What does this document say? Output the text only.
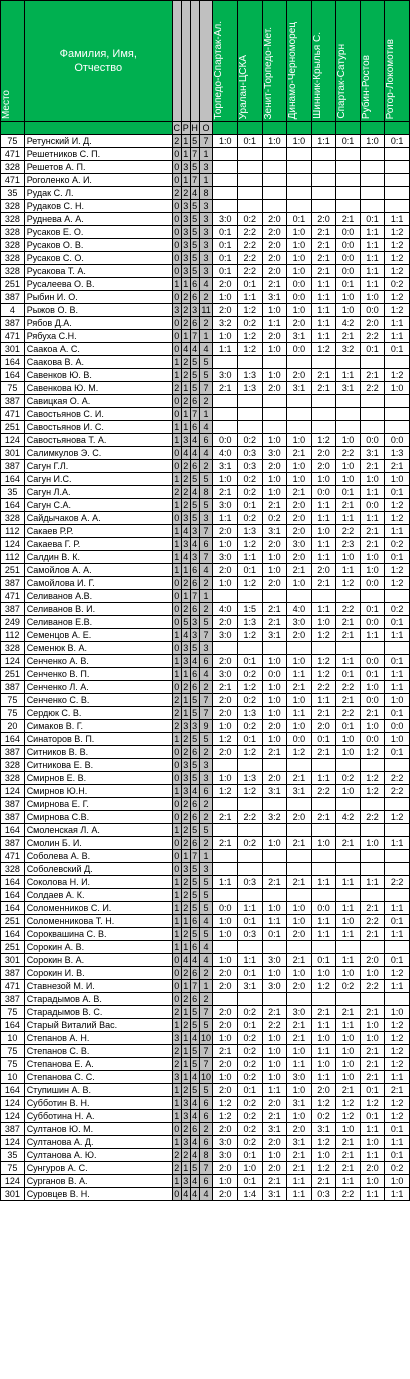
Место	Фамилия, Имя, Отчество					Торпедо-Спартак-Ал.	Уралан-ЦСКА	Зенит-Торпедо-Мет.	Динамо-Черноморец	Шинник-Крылья С.	Спартак-Сатурн	Рубин-Ростов	Ротор-Локомотив

		С	Р	Н	О								
75	Ретунский И. Д.	2	1	5	7	1:0	0:1	1:0	1:0	1:1	0:1	1:0	0:1
471	Решетников С. П.	0	1	7	1								
328	Решетов А. П.	0	3	5	3								
471	Роголенко А. И.	0	1	7	1								
35	Рудак С. Л.	2	2	4	8								
328	Рудаков С. Н.	0	3	5	3								
328	Руднева А. А.	0	3	5	3	3:0	0:2	2:0	0:1	2:0	2:1	0:1	1:1
328	Русаков Е. О.	0	3	5	3	0:1	2:2	2:0	1:0	2:1	0:0	1:1	1:2
328	Русаков О. В.	0	3	5	3	0:1	2:2	2:0	1:0	2:1	0:0	1:1	1:2
328	Русаков С. О.	0	3	5	3	0:1	2:2	2:0	1:0	2:1	0:0	1:1	1:2
328	Русакова Т. А.	0	3	5	3	0:1	2:2	2:0	1:0	2:1	0:0	1:1	1:2
251	Русалеева О. В.	1	1	6	4	2:0	0:1	2:1	0:0	1:1	0:1	1:1	0:2
387	Рыбин И. О.	0	2	6	2	1:0	1:1	3:1	0:0	1:1	1:0	1:0	1:2
4	Рыжов О. В.	3	2	3	11	2:0	1:2	1:0	1:0	1:1	1:0	0:0	1:2
387	Рябов Д.А.	0	2	6	2	3:2	0:2	1:1	2:0	1:1	4:2	2:0	1:1
471	Рябуха С.Н.	0	1	7	1	1:0	1:2	2:0	3:1	1:1	2:1	2:2	1:1
301	Саакоа А. С.	0	4	4	4	1:1	1:2	1:0	0:0	1:2	3:2	0:1	0:1
164	Саакова В. А.	1	2	5	5								
164	Савенков Ю. В.	1	2	5	5	3:0	1:3	1:0	2:0	2:1	1:1	2:1	1:2
75	Савенкова Ю. М.	2	1	5	7	2:1	1:3	2:0	3:1	2:1	3:1	2:2	1:0
387	Савицкая О. А.	0	2	6	2								
471	Савостьянов С. И.	0	1	7	1								
251	Савостьянов И. С.	1	1	6	4								
124	Савостьянова Т. А.	1	3	4	6	0:0	0:2	1:0	1:0	1:2	1:0	0:0	0:0
301	Салимкулов Э. С.	0	4	4	4	4:0	0:3	3:0	2:1	2:0	2:2	3:1	1:3
387	Сагун Г.Л.	0	2	6	2	3:1	0:3	2:0	1:0	2:0	1:0	2:1	2:1
164	Сагун И.С.	1	2	5	5	1:0	0:2	1:0	1:0	1:0	1:0	1:0	1:0
35	Сагун Л.А.	2	2	4	8	2:1	0:2	1:0	2:1	0:0	0:1	1:1	0:1
164	Сагун С.А.	1	2	5	5	3:0	0:1	2:1	2:0	1:1	2:1	0:0	1:2
328	Сайдычаков А. А.	0	3	5	3	1:1	0:2	0:2	2:0	1:1	1:1	1:1	1:2
112	Сакаев Р.Р.	1	4	3	7	2:0	1:3	3:1	2:0	1:0	2:2	2:1	1:1
124	Сакаева Г. Р.	1	3	4	6	1:0	1:2	2:0	3:0	1:1	2:3	2:1	0:2
112	Салдин В. К.	1	4	3	7	3:0	1:1	1:0	2:0	1:1	1:0	1:0	0:1
251	Самойлов А. А.	1	1	6	4	2:0	0:1	1:0	2:1	2:0	1:1	1:0	1:2
387	Самойлова И. Г.	0	2	6	2	1:0	1:2	2:0	1:0	2:1	1:2	0:0	1:2
471	Селиванов А.В.	0	1	7	1								
387	Селиванов В. И.	0	2	6	2	4:0	1:5	2:1	4:0	1:1	2:2	0:1	0:2
249	Селиванов Е.В.	0	5	3	5	2:0	1:3	2:1	3:0	1:0	2:1	0:0	0:1
112	Семенцов А. Е.	1	4	3	7	3:0	1:2	3:1	2:0	1:2	2:1	1:1	1:1
328	Семенюк В. А.	0	3	5	3								
124	Сенченко А. В.	1	3	4	6	2:0	0:1	1:0	1:0	1:2	1:1	0:0	0:1
251	Сенченко В. П.	1	1	6	4	3:0	0:2	0:0	1:1	1:2	0:1	0:1	1:1
387	Сенченко Л. А.	0	2	6	2	2:1	1:2	1:0	2:1	2:2	2:2	1:0	1:1
75	Сенченко С. В.	2	1	5	7	2:0	0:2	1:0	1:0	1:1	2:1	0:0	1:0
75	Сердюк С. В.	2	1	5	7	2:0	1:3	1:0	1:1	2:1	2:2	2:1	0:1
20	Симаков В. Г.	2	3	3	9	1:0	0:2	2:0	1:0	2:0	0:1	1:0	0:0
164	Синаторов В. П.	1	2	5	5	1:2	0:1	1:0	0:0	0:1	1:0	0:0	1:0
387	Ситников В. В.	0	2	6	2	2:0	1:2	2:1	1:2	2:1	1:0	1:2	0:1
328	Ситникова Е. В.	0	3	5	3								
328	Смирнов Е. В.	0	3	5	3	1:0	1:3	2:0	2:1	1:1	0:2	1:2	2:2
124	Смирнов Ю.Н.	1	3	4	6	1:2	1:2	3:1	3:1	2:2	1:0	1:2	2:2
387	Смирнова Е. Г.	0	2	6	2								
387	Смирнова С.В.	0	2	6	2	2:1	2:2	3:2	2:0	2:1	4:2	2:2	1:2
164	Смоленская Л. А.	1	2	5	5								
387	Смолин Б. И.	0	2	6	2	2:1	0:2	1:0	2:1	1:0	2:1	1:0	1:1
471	Соболева А. В.	0	1	7	1								
328	Соболевский Д.	0	3	5	3								
164	Соколова Н. И.	1	2	5	5	1:1	0:3	2:1	2:1	1:1	1:1	1:1	2:2
164	Солдаев А. К.	1	2	5	5								
164	Соломенников С. И.	1	2	5	5	0:0	1:1	1:0	1:0	0:0	1:1	2:1	1:1
251	Соломенникова Т. Н.	1	1	6	4	1:0	0:1	1:1	1:0	1:1	1:0	2:2	0:1
164	Сороквашина С. В.	1	2	5	5	1:0	0:3	0:1	2:0	1:1	1:1	2:1	1:1
251	Сорокин А. В.	1	1	6	4								
301	Сорокин В. А.	0	4	4	4	1:0	1:1	3:0	2:1	0:1	1:1	2:0	0:1
387	Сорокин И. В.	0	2	6	2	2:0	0:1	1:0	1:0	1:0	1:0	1:0	1:2
471	Ставнезой М. И.	0	1	7	1	2:0	3:1	3:0	2:0	1:2	0:2	2:2	1:1
387	Старадымов А. В.	0	2	6	2								
75	Старадымов В. С.	2	1	5	7	2:0	0:2	2:1	3:0	2:1	2:1	2:1	1:0
164	Старый Виталий Вас.	1	2	5	5	2:0	0:1	2:2	2:1	1:1	1:1	1:0	1:2
10	Степанов А. Н.	3	1	4	10	1:0	0:2	1:0	2:1	1:0	1:0	1:0	1:2
75	Степанов С. В.	2	1	5	7	2:1	0:2	1:0	1:0	1:1	1:0	2:1	1:2
75	Степанова Е. А.	2	1	5	7	2:0	0:2	1:0	1:1	1:0	1:0	2:1	1:2
10	Степанова С. С.	3	1	4	10	1:0	0:2	1:0	3:0	1:1	1:0	2:1	1:1
164	Ступишин А. В.	1	2	5	5	2:0	0:1	1:1	1:0	2:0	2:1	0:1	2:1
124	Субботин В. Н.	1	3	4	6	1:2	0:2	2:0	3:1	1:2	1:2	1:2	1:2
124	Субботина Н. А.	1	3	4	6	1:2	0:2	2:1	1:0	0:2	1:2	0:1	1:2
387	Султанов Ю. М.	0	2	6	2	2:0	0:2	3:1	2:0	3:1	1:0	1:1	0:1
124	Султанова А. Д.	1	3	4	6	3:0	0:2	2:0	3:1	1:2	2:1	1:0	1:1
35	Султанова А. Ю.	2	2	4	8	3:0	0:1	1:0	2:1	1:0	2:1	1:1	0:1
75	Сунгуров А. С.	2	1	5	7	2:0	1:0	2:0	2:1	1:2	2:1	2:0	0:2
124	Сурганов В. А.	1	3	4	6	1:0	0:1	2:1	1:1	2:1	1:1	1:0	1:0
301	Суровцев В. Н.	0	4	4	4	2:0	1:4	3:1	1:1	0:3	2:2	1:1	1:1
